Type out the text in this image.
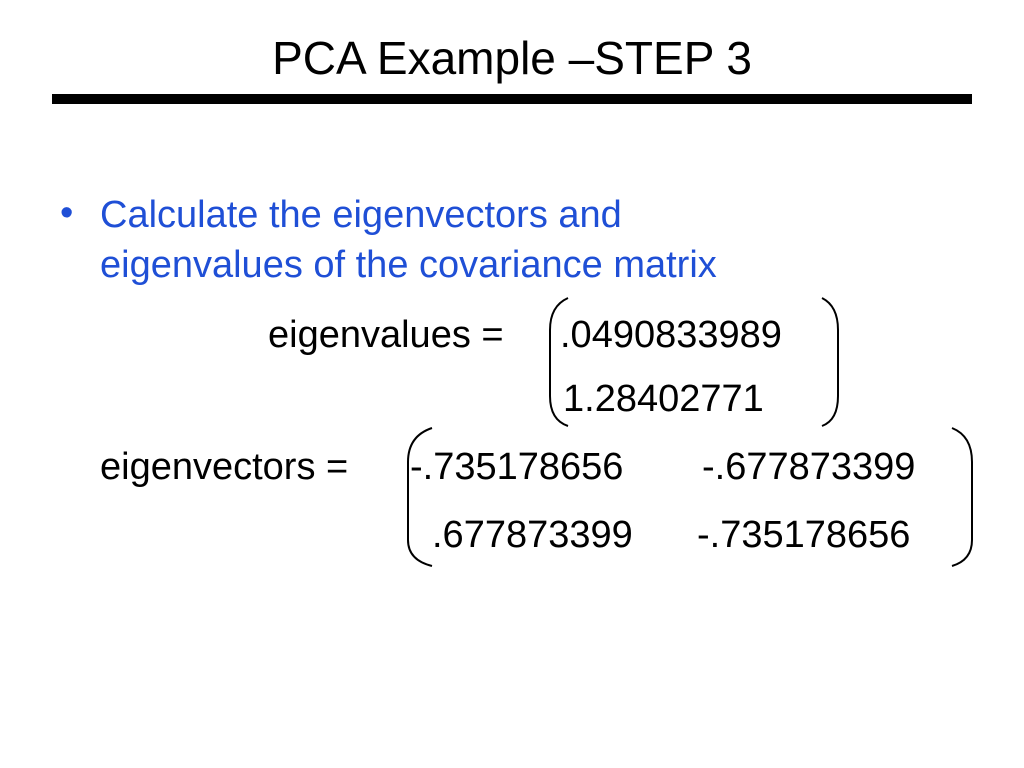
PCA Example –STEP 3
• Calculate the eigenvectors and
eigenvalues of the covariance matrix
eigenvalues = .0490833989
1.28402771
eigenvectors = -.735178656 -.677873399
.677873399 -.735178656
